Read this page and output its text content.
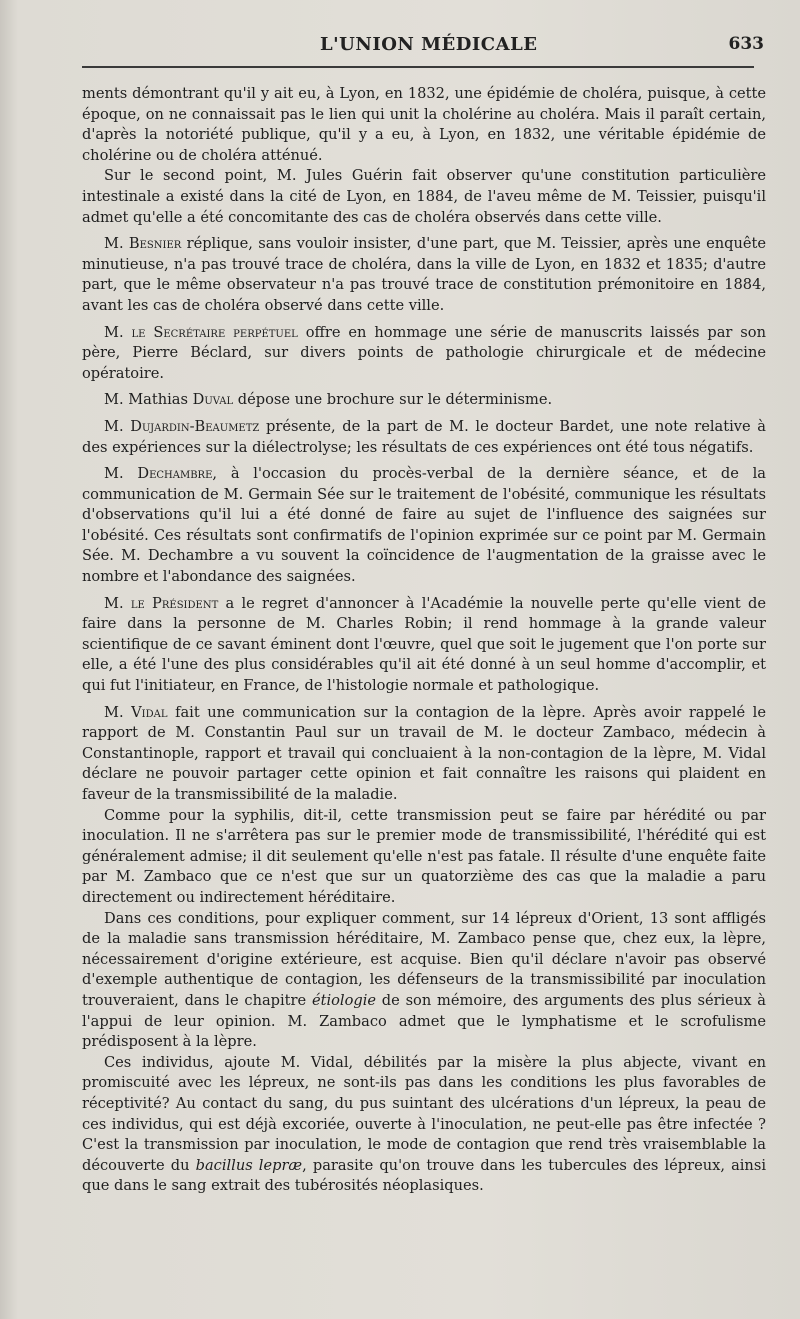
L'UNION MÉDICALE	633

ments démontrant qu'il y ait eu, à Lyon, en 1832, une épidémie de choléra, puisque, à cette époque, on ne connaissait pas le lien qui unit la cholérine au choléra. Mais il paraît certain, d'après la notoriété publique, qu'il y a eu, à Lyon, en 1832, une véritable épidémie de cholérine ou de choléra atténué.

Sur le second point, M. Jules Guérin fait observer qu'une constitution particulière intestinale a existé dans la cité de Lyon, en 1884, de l'aveu même de M. Teissier, puisqu'il admet qu'elle a été concomitante des cas de choléra observés dans cette ville.

M. Besnier réplique, sans vouloir insister, d'une part, que M. Teissier, après une enquête minutieuse, n'a pas trouvé trace de choléra, dans la ville de Lyon, en 1832 et 1835; d'autre part, que le même observateur n'a pas trouvé trace de constitution prémonitoire en 1884, avant les cas de choléra observé dans cette ville.

M. le Secrétaire perpétuel offre en hommage une série de manuscrits laissés par son père, Pierre Béclard, sur divers points de pathologie chirurgicale et de médecine opératoire.

M. Mathias Duval dépose une brochure sur le déterminisme.

M. Dujardin-Beaumetz présente, de la part de M. le docteur Bardet, une note relative à des expériences sur la diélectrolyse; les résultats de ces expériences ont été tous négatifs.

M. Dechambre, à l'occasion du procès-verbal de la dernière séance, et de la communication de M. Germain Sée sur le traitement de l'obésité, communique les résultats d'observations qu'il lui a été donné de faire au sujet de l'influence des saignées sur l'obésité. Ces résultats sont confirmatifs de l'opinion exprimée sur ce point par M. Germain Sée. M. Dechambre a vu souvent la coïncidence de l'augmentation de la graisse avec le nombre et l'abondance des saignées.

M. le Président a le regret d'annoncer à l'Académie la nouvelle perte qu'elle vient de faire dans la personne de M. Charles Robin; il rend hommage à la grande valeur scientifique de ce savant éminent dont l'œuvre, quel que soit le jugement que l'on porte sur elle, a été l'une des plus considérables qu'il ait été donné à un seul homme d'accomplir, et qui fut l'initiateur, en France, de l'histologie normale et pathologique.

M. Vidal fait une communication sur la contagion de la lèpre. Après avoir rappelé le rapport de M. Constantin Paul sur un travail de M. le docteur Zambaco, médecin à Constantinople, rapport et travail qui concluaient à la non-contagion de la lèpre, M. Vidal déclare ne pouvoir partager cette opinion et fait connaître les raisons qui plaident en faveur de la transmissibilité de la maladie.

Comme pour la syphilis, dit-il, cette transmission peut se faire par hérédité ou par inoculation. Il ne s'arrêtera pas sur le premier mode de transmissibilité, l'hérédité qui est généralement admise; il dit seulement qu'elle n'est pas fatale. Il résulte d'une enquête faite par M. Zambaco que ce n'est que sur un quatorzième des cas que la maladie a paru directement ou indirectement héréditaire.

Dans ces conditions, pour expliquer comment, sur 14 lépreux d'Orient, 13 sont affligés de la maladie sans transmission héréditaire, M. Zambaco pense que, chez eux, la lèpre, nécessairement d'origine extérieure, est acquise. Bien qu'il déclare n'avoir pas observé d'exemple authentique de contagion, les défenseurs de la transmissibilité par inoculation trouveraient, dans le chapitre étiologie de son mémoire, des arguments des plus sérieux à l'appui de leur opinion. M. Zambaco admet que le lymphatisme et le scrofulisme prédisposent à la lèpre.

Ces individus, ajoute M. Vidal, débilités par la misère la plus abjecte, vivant en promiscuité avec les lépreux, ne sont-ils pas dans les conditions les plus favorables de réceptivité? Au contact du sang, du pus suintant des ulcérations d'un lépreux, la peau de ces individus, qui est déjà excoriée, ouverte à l'inoculation, ne peut-elle pas être infectée ? C'est la transmission par inoculation, le mode de contagion que rend très vraisemblable la découverte du bacillus lepræ, parasite qu'on trouve dans les tubercules des lépreux, ainsi que dans le sang extrait des tubérosités néoplasiques.
